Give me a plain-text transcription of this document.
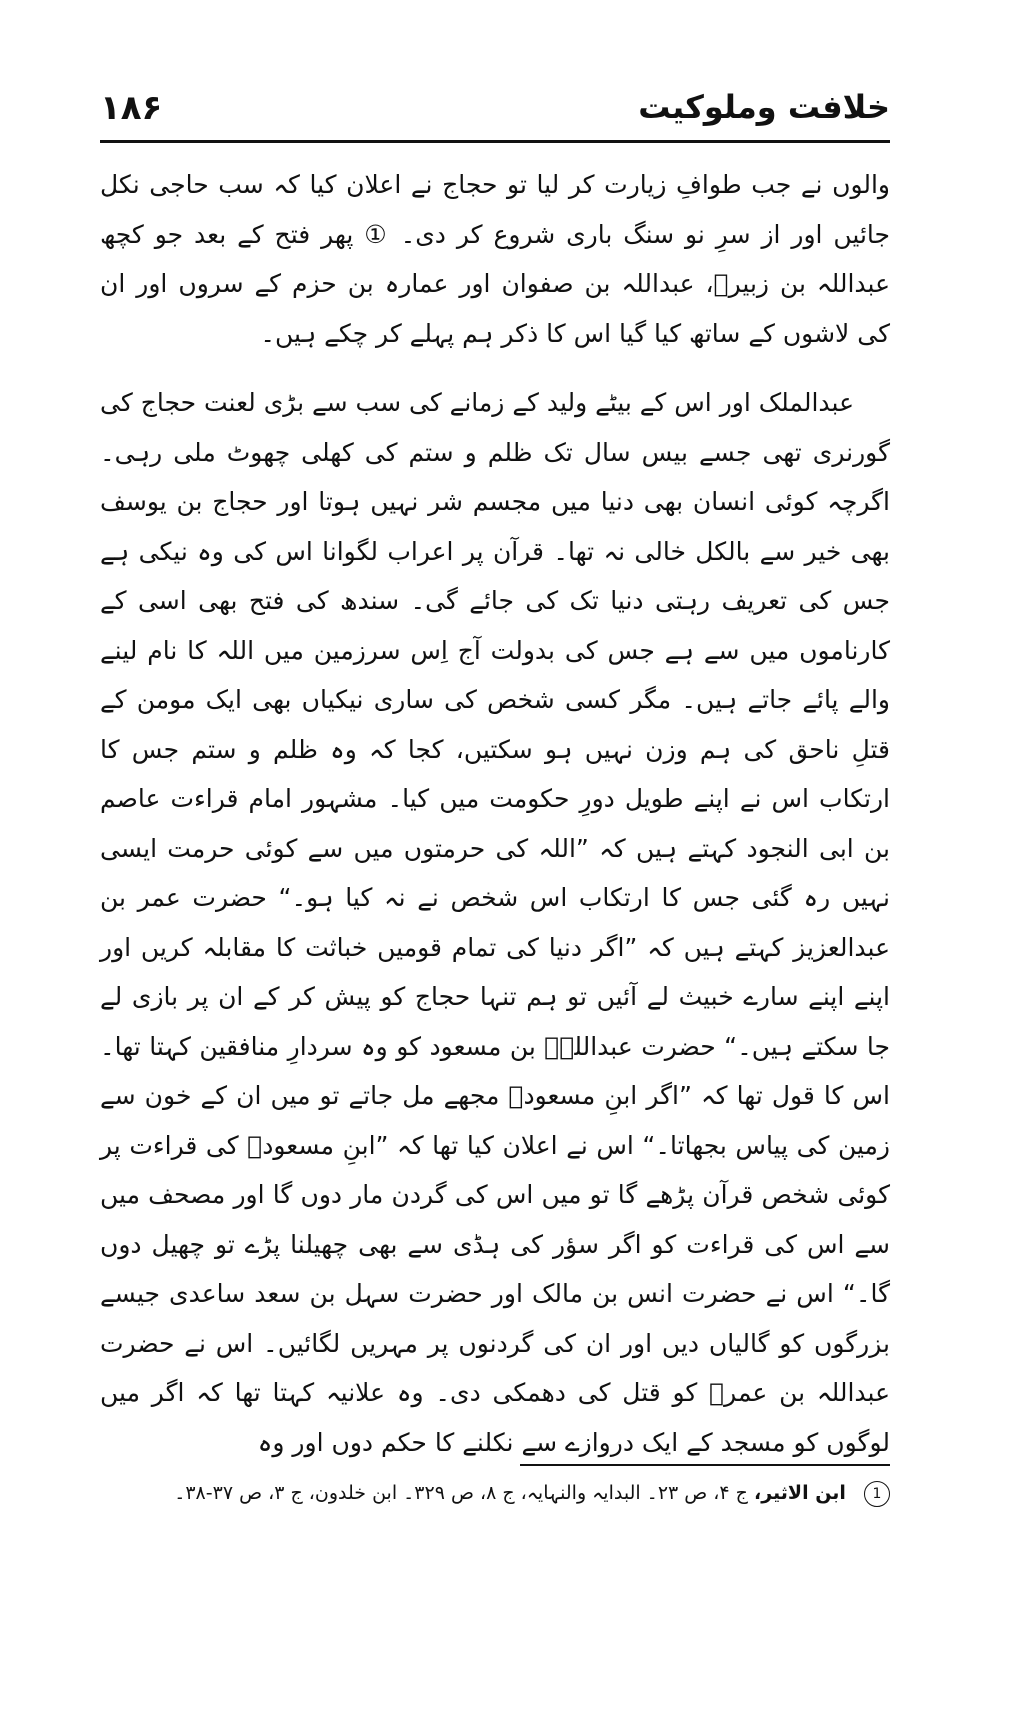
۱۸۶	خلافت وملوکیت

والوں نے جب طوافِ زیارت کر لیا تو حجاج نے اعلان کیا کہ سب حاجی نکل جائیں اور از سرِ نو سنگ باری شروع کر دی۔ ① پھر فتح کے بعد جو کچھ عبداللہ بن زبیرؓ، عبداللہ بن صفوان اور عمارہ بن حزم کے سروں اور ان کی لاشوں کے ساتھ کیا گیا اس کا ذکر ہم پہلے کر چکے ہیں۔

عبدالملک اور اس کے بیٹے ولید کے زمانے کی سب سے بڑی لعنت حجاج کی گورنری تھی جسے بیس سال تک ظلم و ستم کی کھلی چھوٹ ملی رہی۔ اگرچہ کوئی انسان بھی دنیا میں مجسم شر نہیں ہوتا اور حجاج بن یوسف بھی خیر سے بالکل خالی نہ تھا۔ قرآن پر اعراب لگوانا اس کی وہ نیکی ہے جس کی تعریف رہتی دنیا تک کی جائے گی۔ سندھ کی فتح بھی اسی کے کارناموں میں سے ہے جس کی بدولت آج اِس سرزمین میں اللہ کا نام لینے والے پائے جاتے ہیں۔ مگر کسی شخص کی ساری نیکیاں بھی ایک مومن کے قتلِ ناحق کی ہم وزن نہیں ہو سکتیں، کجا کہ وہ ظلم و ستم جس کا ارتکاب اس نے اپنے طویل دورِ حکومت میں کیا۔ مشہور امام قراءت عاصم بن ابی النجود کہتے ہیں کہ ”اللہ کی حرمتوں میں سے کوئی حرمت ایسی نہیں رہ گئی جس کا ارتکاب اس شخص نے نہ کیا ہو۔“ حضرت عمر بن عبدالعزیز کہتے ہیں کہ ”اگر دنیا کی تمام قومیں خباثت کا مقابلہ کریں اور اپنے اپنے سارے خبیث لے آئیں تو ہم تنہا حجاج کو پیش کر کے ان پر بازی لے جا سکتے ہیں۔“ حضرت عبداللہؓ بن مسعود کو وہ سردارِ منافقین کہتا تھا۔ اس کا قول تھا کہ ”اگر ابنِ مسعودؓ مجھے مل جاتے تو میں ان کے خون سے زمین کی پیاس بجھاتا۔“ اس نے اعلان کیا تھا کہ ”ابنِ مسعودؓ کی قراءت پر کوئی شخص قرآن پڑھے گا تو میں اس کی گردن مار دوں گا اور مصحف میں سے اس کی قراءت کو اگر سؤر کی ہڈی سے بھی چھیلنا پڑے تو چھیل دوں گا۔“ اس نے حضرت انس بن مالک اور حضرت سہل بن سعد ساعدی جیسے بزرگوں کو گالیاں دیں اور ان کی گردنوں پر مہریں لگائیں۔ اس نے حضرت عبداللہ بن عمرؓ کو قتل کی دھمکی دی۔ وہ علانیہ کہتا تھا کہ اگر میں لوگوں کو مسجد کے ایک دروازے سے نکلنے کا حکم دوں اور وہ

1 ابن الاثیر، ج ۴، ص ۲۳۔ البدایہ والنہایہ، ج ۸، ص ۳۲۹۔ ابن خلدون، ج ۳، ص ۳۷-۳۸۔
